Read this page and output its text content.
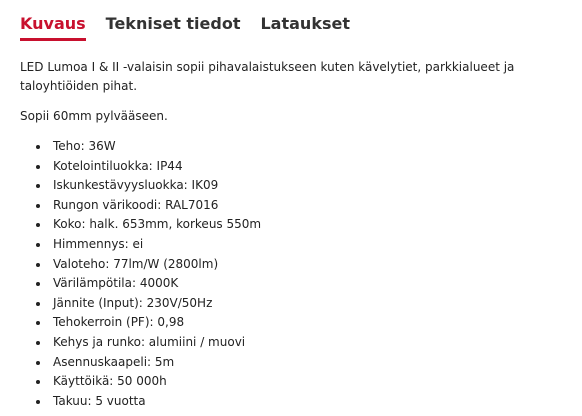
Kuvaus Tekniset tiedot Lataukset

LED Lumoa I & II -valaisin sopii pihavalaistukseen kuten kävelytiet, parkkialueet ja taloyhtiöiden pihat.

Sopii 60mm pylvääseen.

Teho: 36W
Kotelointiluokka: IP44
Iskunkestävyysluokka: IK09
Rungon värikoodi: RAL7016
Koko: halk. 653mm, korkeus 550m
Himmennys: ei
Valoteho: 77lm/W (2800lm)
Värilämpötila: 4000K
Jännite (Input): 230V/50Hz
Tehokerroin (PF): 0,98
Kehys ja runko: alumiini / muovi
Asennuskaapeli: 5m
Käyttöikä: 50 000h
Takuu: 5 vuotta
